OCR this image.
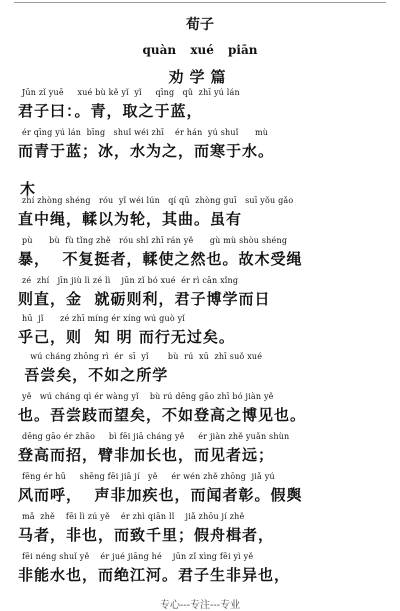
荀子
quàn xué piān
劝学篇
Jūn zǐ yuē     xué bù kě yǐ  yǐ     qīng   qǔ  zhī yú lán
君子曰：。青，取之于蓝，
ér qīng yú lán  bīng   shuǐ wéi zhī    ér hán  yú shuǐ      mù
而青于蓝；冰，水为之，而寒于水。
木
zhí zhòng shéng   róu  yǐ wéi lún   qí qū  zhòng guī   suī yǒu gǎo
直中绳，輮以为轮，其曲。虽有
pù      bù  fù tǐng zhě   róu shǐ zhī rán yě      gù mù shòu shéng
暴，  不复挺者，輮使之然也。故木受绳
zé  zhí   jīn jiù lì zé lì    jūn zǐ bó xué  ér rì cān xǐng
则直，金  就砺则利，君子博学而日
hū  jǐ      zé zhī míng ér xíng wú guò yǐ
乎己，则  知 明 而行无过矣。
wú cháng zhōng rì  ér  sī  yǐ       bù  rú  xū  zhī suǒ xué
吾尝矣，不如之所学
yě   wú cháng qì ér wàng yǐ    bù rú dēng gāo zhī bó jiàn yě
也。吾尝跂而望矣，不如登高之博见也。
dēng gāo ér zhāo     bì fēi jiā cháng yě     ér jiàn zhě yuǎn shùn
登高而招，臂非加长也，而见者远；
fēng ér hū     shēng fēi jiā jí   yě     ér wén zhě zhōng  jiǎ yú
风而呼，  声非加疾也，而闻者彰。假舆
mǎ  zhě    fēi lì zú yě    ér zhì qiān lǐ    jiǎ zhōu jí zhě
马者，非也，而致千里；假舟楫者，
fēi néng shuǐ yě    ér jué jiāng hé    jūn zǐ xìng fēi yì yě
非能水也，而绝江河。君子生非异也，
专心---专注---专业
